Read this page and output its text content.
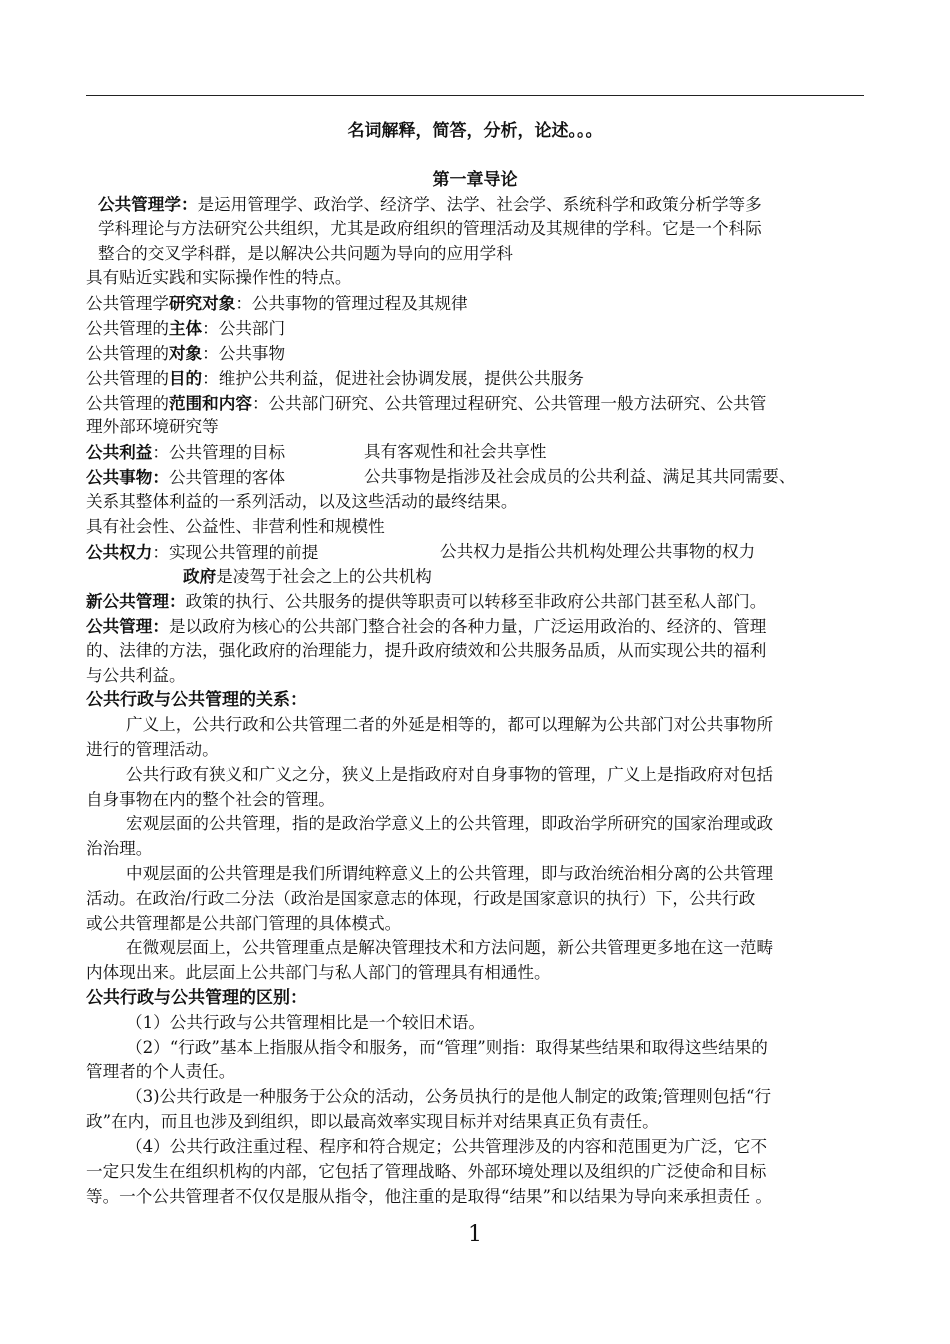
名词解释，简答，分析，论述。。。
第一章导论
公共管理学：是运用管理学、政治学、经济学、法学、社会学、系统科学和政策分析学等多
学科理论与方法研究公共组织，尤其是政府组织的管理活动及其规律的学科。它是一个科际
整合的交叉学科群，是以解决公共问题为导向的应用学科
具有贴近实践和实际操作性的特点。
公共管理学研究对象：公共事物的管理过程及其规律
公共管理的主体：公共部门
公共管理的对象：公共事物
公共管理的目的：维护公共利益，促进社会协调发展，提供公共服务
公共管理的范围和内容：公共部门研究、公共管理过程研究、公共管理一般方法研究、公共管
理外部环境研究等
公共利益：公共管理的目标	具有客观性和社会共享性
公共事物：公共管理的客体	公共事物是指涉及社会成员的公共利益、满足其共同需要、
关系其整体利益的一系列活动，以及这些活动的最终结果。
具有社会性、公益性、非营利性和规模性
公共权力：实现公共管理的前提	公共权力是指公共机构处理公共事物的权力
政府是凌驾于社会之上的公共机构
新公共管理：政策的执行、公共服务的提供等职责可以转移至非政府公共部门甚至私人部门。
公共管理：是以政府为核心的公共部门整合社会的各种力量，广泛运用政治的、经济的、管理
的、法律的方法，强化政府的治理能力，提升政府绩效和公共服务品质，从而实现公共的福利
与公共利益。
公共行政与公共管理的关系：
广义上，公共行政和公共管理二者的外延是相等的，都可以理解为公共部门对公共事物所
进行的管理活动。
公共行政有狭义和广义之分，狭义上是指政府对自身事物的管理，广义上是指政府对包括
自身事物在内的整个社会的管理。
宏观层面的公共管理，指的是政治学意义上的公共管理，即政治学所研究的国家治理或政
治治理。
中观层面的公共管理是我们所谓纯粹意义上的公共管理，即与政治统治相分离的公共管理
活动。在政治/行政二分法（政治是国家意志的体现，行政是国家意识的执行）下，公共行政
或公共管理都是公共部门管理的具体模式。
在微观层面上，公共管理重点是解决管理技术和方法问题，新公共管理更多地在这一范畴
内体现出来。此层面上公共部门与私人部门的管理具有相通性。
公共行政与公共管理的区别：
（1）公共行政与公共管理相比是一个较旧术语。
（2）“行政”基本上指服从指令和服务，而“管理”则指：取得某些结果和取得这些结果的
管理者的个人责任。
（3)公共行政是一种服务于公众的活动，公务员执行的是他人制定的政策;管理则包括“行
政”在内，而且也涉及到组织，即以最高效率实现目标并对结果真正负有责任。
（4）公共行政注重过程、程序和符合规定；公共管理涉及的内容和范围更为广泛，它不
一定只发生在组织机构的内部，它包括了管理战略、外部环境处理以及组织的广泛使命和目标
等。一个公共管理者不仅仅是服从指令，他注重的是取得“结果”和以结果为导向来承担责任 。
1
